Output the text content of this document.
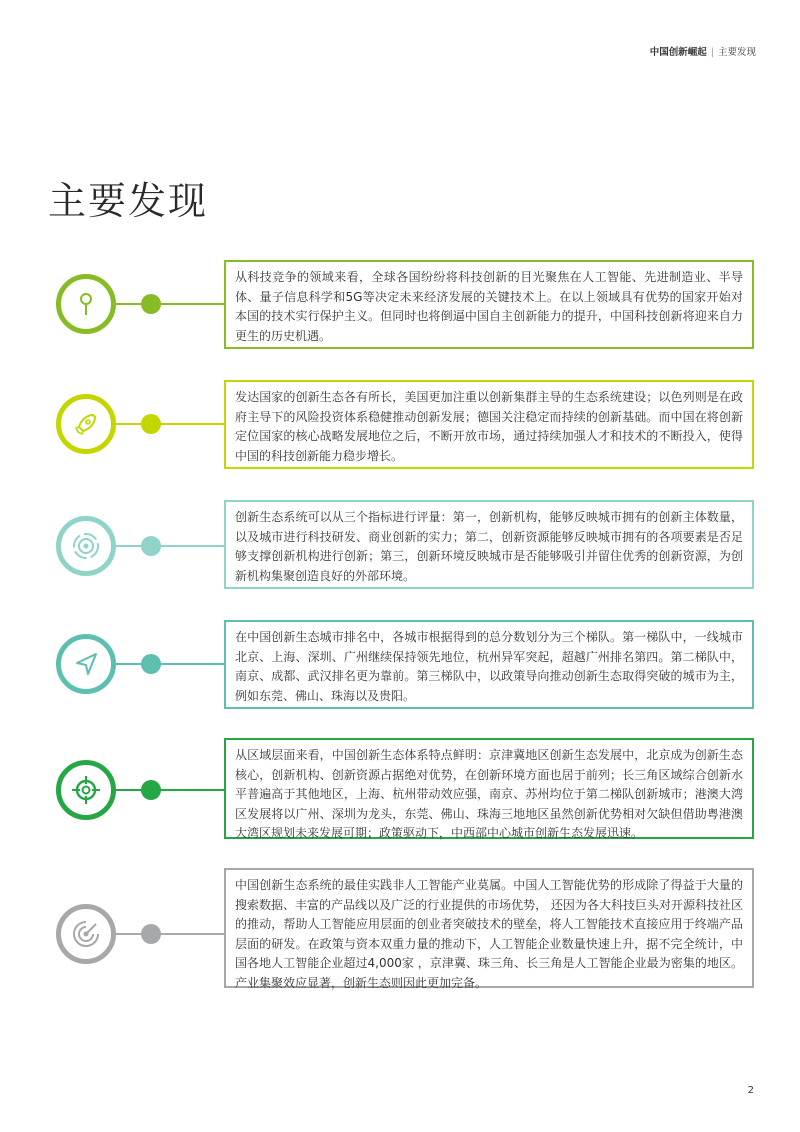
中国创新崛起 | 主要发现
主要发现
从科技竞争的领域来看，全球各国纷纷将科技创新的目光聚焦在人工智能、先进制造业、半导体、量子信息科学和5G等决定未来经济发展的关键技术上。在以上领域具有优势的国家开始对本国的技术实行保护主义。但同时也将倒逼中国自主创新能力的提升，中国科技创新将迎来自力更生的历史机遇。
发达国家的创新生态各有所长，美国更加注重以创新集群主导的生态系统建设；以色列则是在政府主导下的风险投资体系稳健推动创新发展；德国关注稳定而持续的创新基础。而中国在将创新定位国家的核心战略发展地位之后，不断开放市场，通过持续加强人才和技术的不断投入，使得中国的科技创新能力稳步增长。
创新生态系统可以从三个指标进行评量：第一，创新机构，能够反映城市拥有的创新主体数量，以及城市进行科技研发、商业创新的实力；第二，创新资源能够反映城市拥有的各项要素是否足够支撑创新机构进行创新；第三，创新环境反映城市是否能够吸引并留住优秀的创新资源，为创新机构集聚创造良好的外部环境。
在中国创新生态城市排名中，各城市根据得到的总分数划分为三个梯队。第一梯队中，一线城市北京、上海、深圳、广州继续保持领先地位，杭州异军突起，超越广州排名第四。第二梯队中，南京、成都、武汉排名更为靠前。第三梯队中，以政策导向推动创新生态取得突破的城市为主，例如东莞、佛山、珠海以及贵阳。
从区域层面来看，中国创新生态体系特点鲜明：京津冀地区创新生态发展中，北京成为创新生态核心，创新机构、创新资源占据绝对优势，在创新环境方面也居于前列；长三角区域综合创新水平普遍高于其他地区，上海、杭州带动效应强，南京、苏州均位于第二梯队创新城市；港澳大湾区发展将以广州、深圳为龙头，东莞、佛山、珠海三地地区虽然创新优势相对欠缺但借助粤港澳大湾区规划未来发展可期；政策驱动下，中西部中心城市创新生态发展迅速。
中国创新生态系统的最佳实践非人工智能产业莫属。中国人工智能优势的形成除了得益于大量的搜索数据、丰富的产品线以及广泛的行业提供的市场优势， 还因为各大科技巨头对开源科技社区的推动，帮助人工智能应用层面的创业者突破技术的壁垒，将人工智能技术直接应用于终端产品层面的研发。在政策与资本双重力量的推动下，人工智能企业数量快速上升，据不完全统计，中国各地人工智能企业超过4,000家 ，京津冀、珠三角、长三角是人工智能企业最为密集的地区。产业集聚效应显著，创新生态则因此更加完备。
2
